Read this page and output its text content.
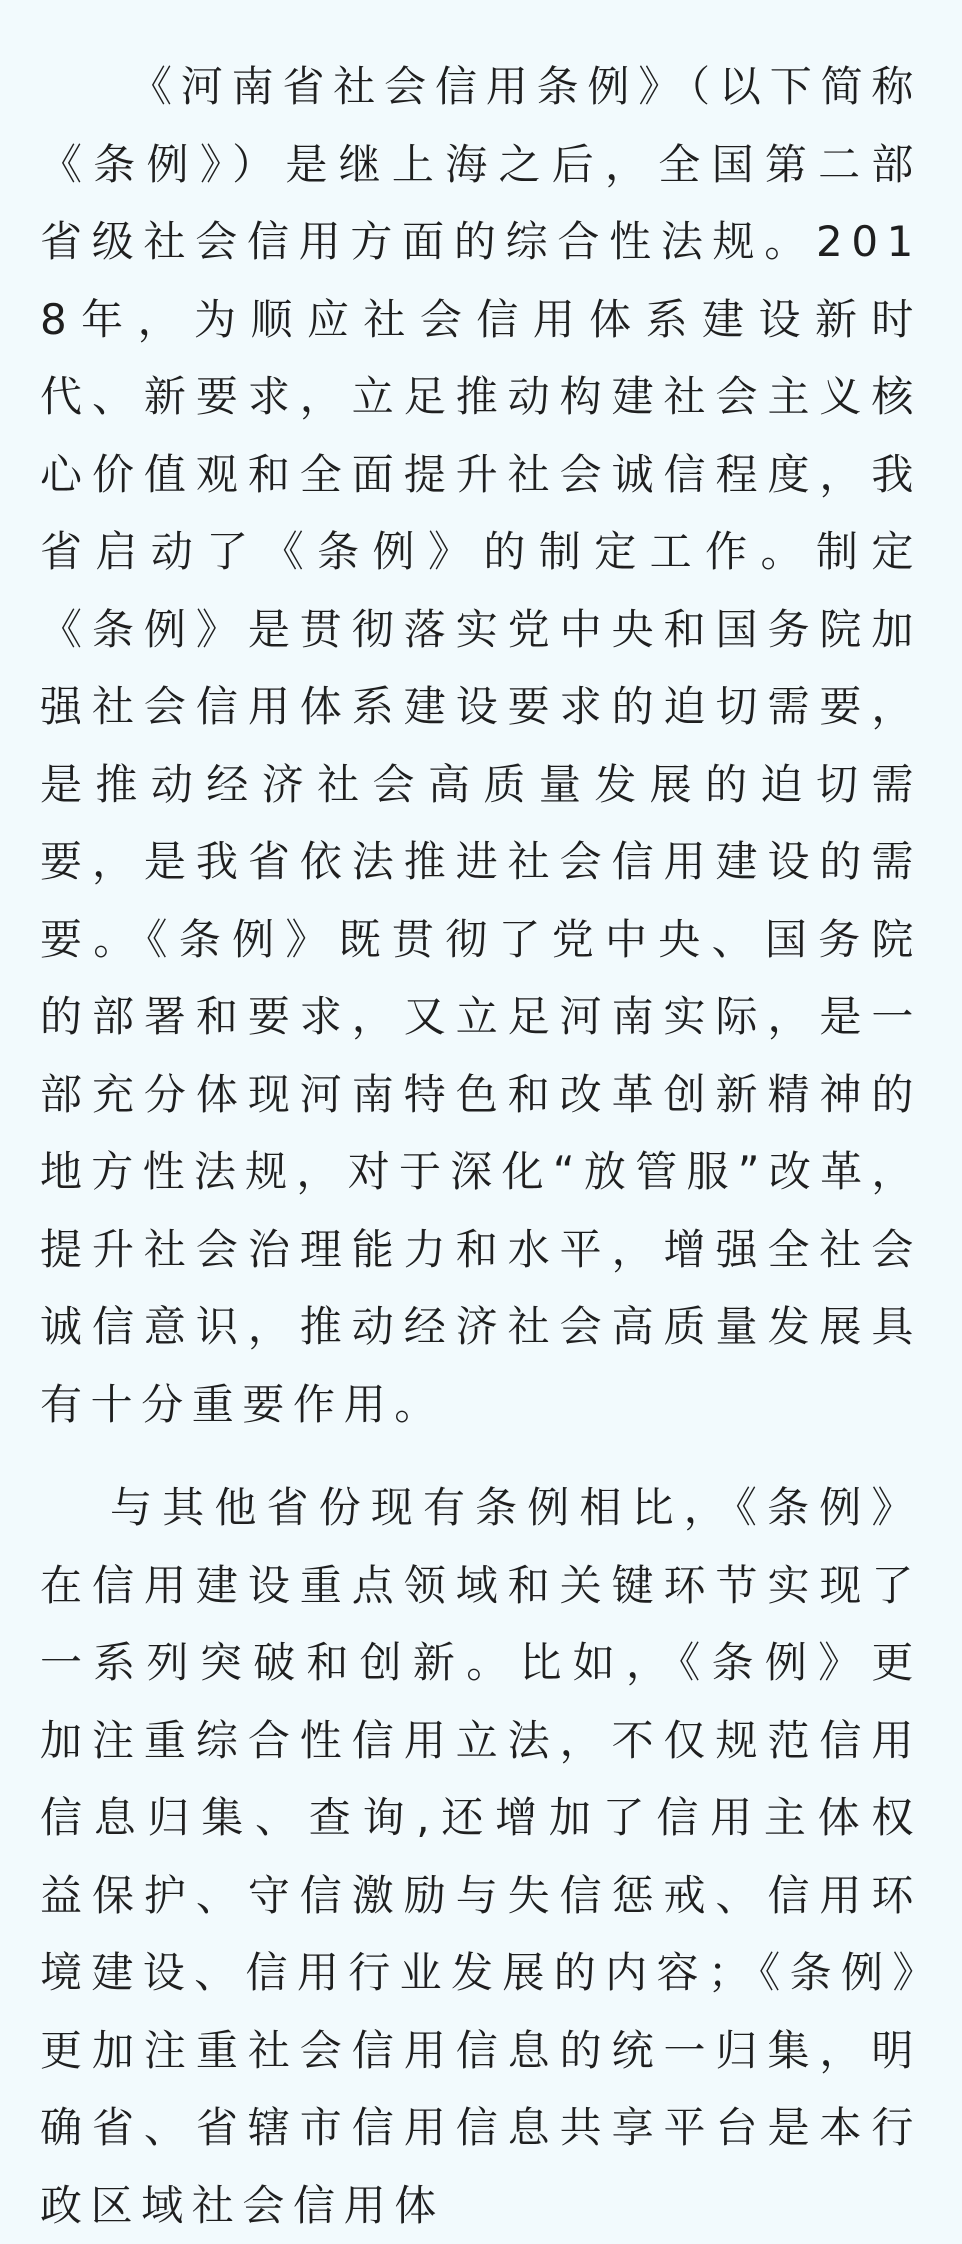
《河南省社会信用条例》（以下简称《条例》）是继上海之后，全国第二部省级社会信用方面的综合性法规。2018年，为顺应社会信用体系建设新时代、新要求，立足推动构建社会主义核心价值观和全面提升社会诚信程度，我省启动了《条例》的制定工作。制定《条例》是贯彻落实党中央和国务院加强社会信用体系建设要求的迫切需要，是推动经济社会高质量发展的迫切需要，是我省依法推进社会信用建设的需要。《条例》既贯彻了党中央、国务院的部署和要求，又立足河南实际，是一部充分体现河南特色和改革创新精神的地方性法规，对于深化“放管服”改革，提升社会治理能力和水平，增强全社会诚信意识，推动经济社会高质量发展具有十分重要作用。

与其他省份现有条例相比，《条例》在信用建设重点领域和关键环节实现了一系列突破和创新。比如，《条例》更加注重综合性信用立法，不仅规范信用信息归集、查询,还增加了信用主体权益保护、守信激励与失信惩戒、信用环境建设、信用行业发展的内容；《条例》更加注重社会信用信息的统一归集，明确省、省辖市信用信息共享平台是本行政区域社会信用体
